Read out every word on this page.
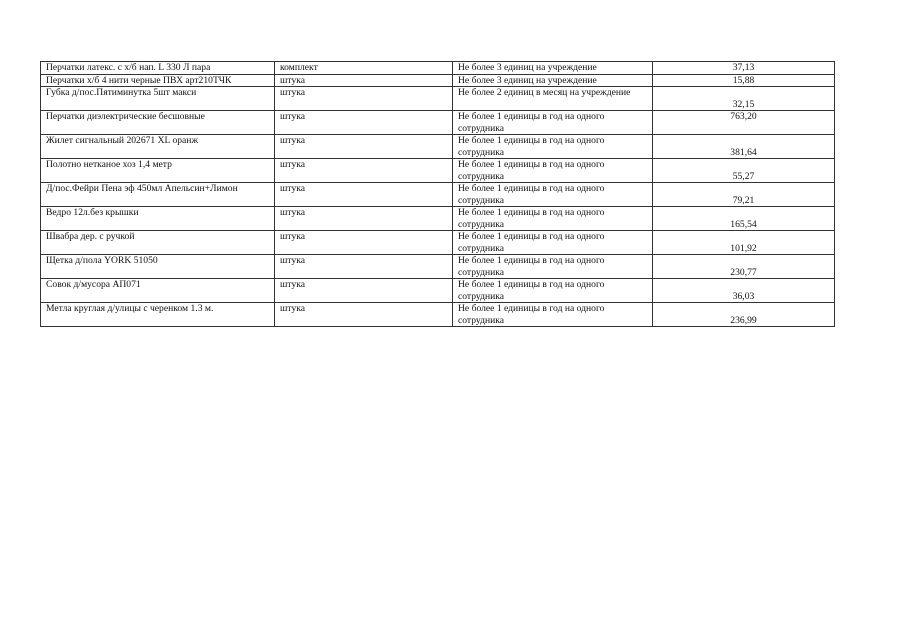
Перчатки латекс. с х/б нап. L 330 Л пара	комплект	Не более 3 единиц на учреждение	37,13
Перчатки х/б 4 нити черные ПВХ арт210ТЧК	штука	Не более 3 единиц на учреждение	15,88
Губка д/пос.Пятиминутка 5шт макси	штука	Не более 2 единиц в месяц на учреждение	32,15
Перчатки диэлектрические бесшовные	штука	Не более 1 единицы в год на одного сотрудника	763,20
Жилет сигнальный 202671 XL оранж	штука	Не более 1 единицы в год на одного сотрудника	381,64
Полотно нетканое хоз 1,4 метр	штука	Не более 1 единицы в год на одного сотрудника	55,27
Д/пос.Фейри Пена эф 450мл Апельсин+Лимон	штука	Не более 1 единицы в год на одного сотрудника	79,21
Ведро 12л.без крышки	штука	Не более 1 единицы в год на одного сотрудника	165,54
Швабра дер. с ручкой	штука	Не более 1 единицы в год на одного сотрудника	101,92
Щетка д/пола YORK 51050	штука	Не более 1 единицы в год на одного сотрудника	230,77
Совок д/мусора АП071	штука	Не более 1 единицы в год на одного сотрудника	36,03
Метла круглая д/улицы с черенком 1.3 м.	штука	Не более 1 единицы в год на одного сотрудника	236,99
